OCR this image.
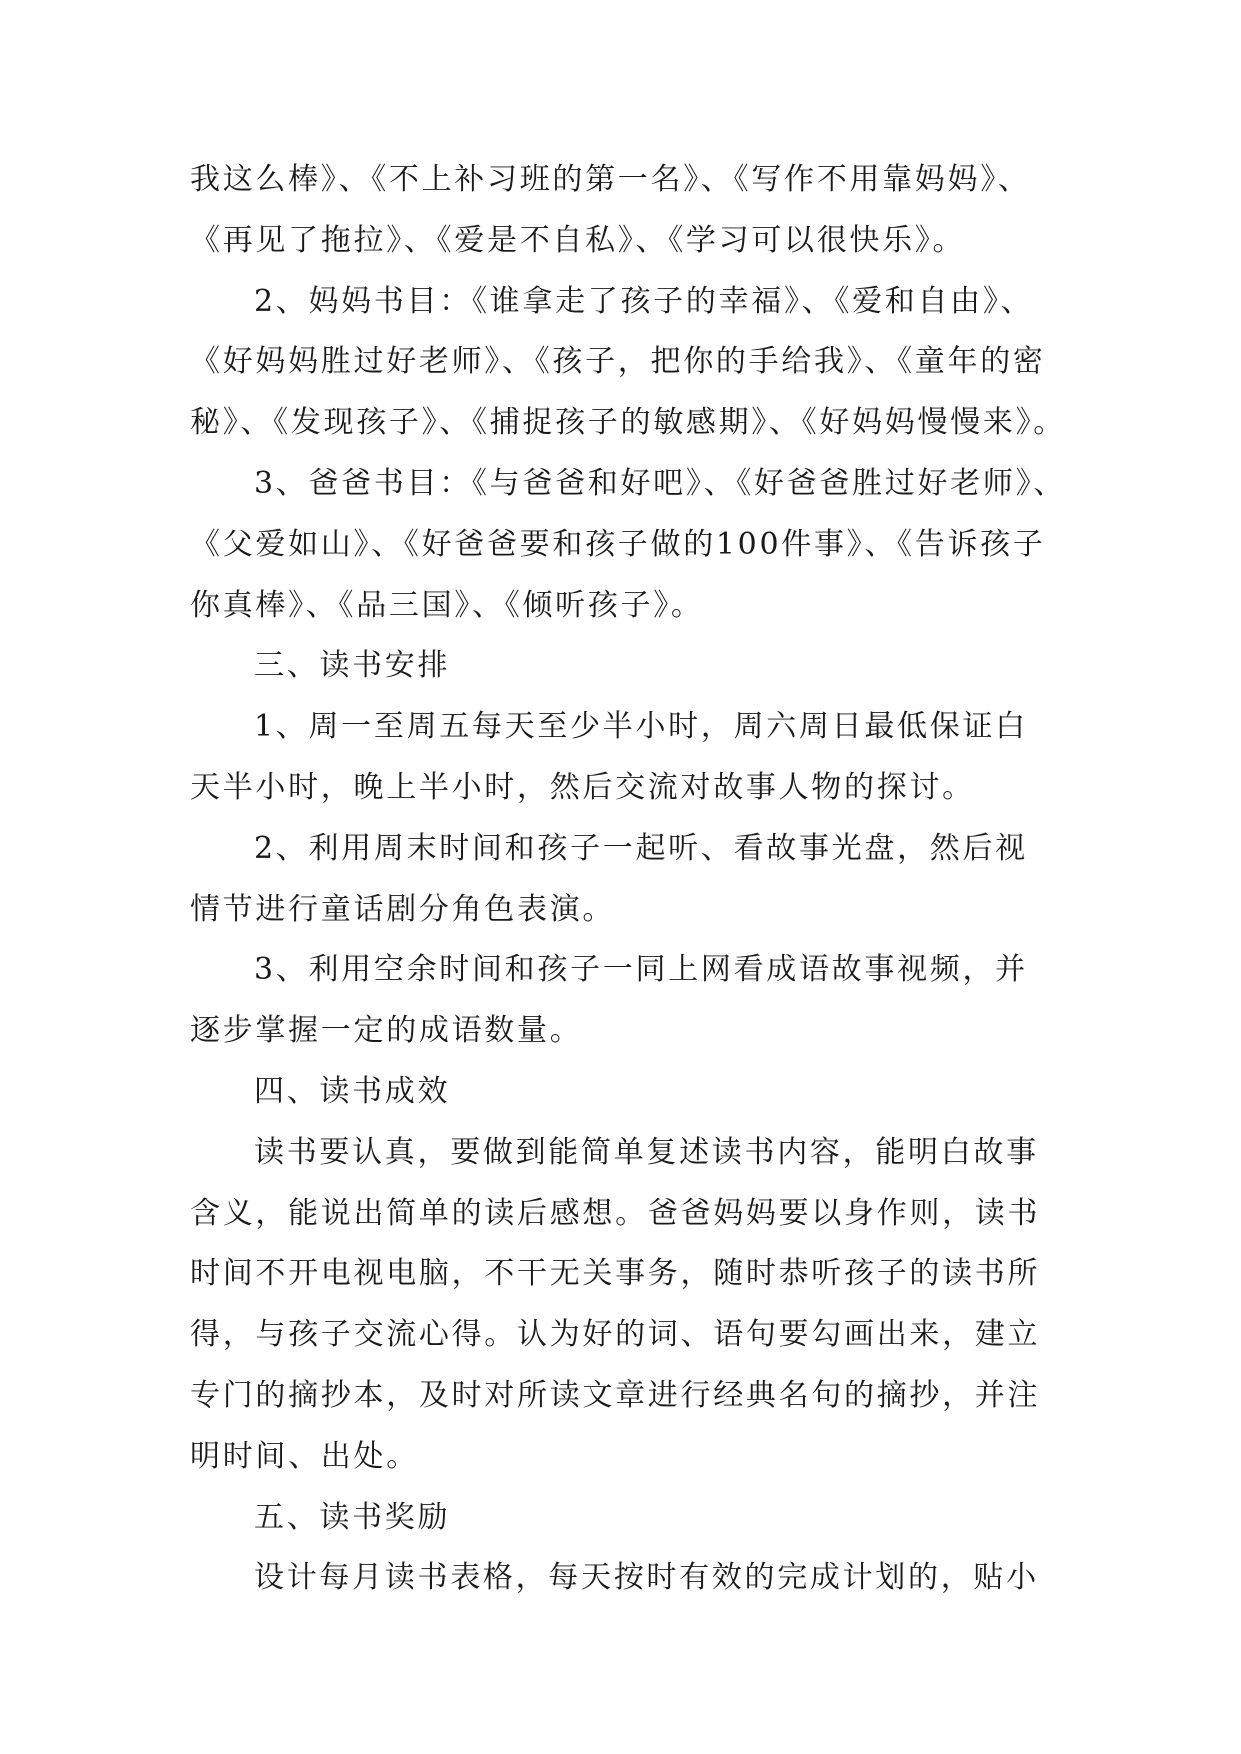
我这么棒》、《不上补习班的第一名》、《写作不用靠妈妈》、
《再见了拖拉》、《爱是不自私》、《学习可以很快乐》。
2、妈妈书目：《谁拿走了孩子的幸福》、《爱和自由》、
《好妈妈胜过好老师》、《孩子，把你的手给我》、《童年的密
秘》、《发现孩子》、《捕捉孩子的敏感期》、《好妈妈慢慢来》。
3、爸爸书目：《与爸爸和好吧》、《好爸爸胜过好老师》、
《父爱如山》、《好爸爸要和孩子做的100件事》、《告诉孩子
你真棒》、《品三国》、《倾听孩子》。
三、读书安排
1、周一至周五每天至少半小时，周六周日最低保证白
天半小时，晚上半小时，然后交流对故事人物的探讨。
2、利用周末时间和孩子一起听、看故事光盘，然后视
情节进行童话剧分角色表演。
3、利用空余时间和孩子一同上网看成语故事视频，并
逐步掌握一定的成语数量。
四、读书成效
读书要认真，要做到能简单复述读书内容，能明白故事
含义，能说出简单的读后感想。爸爸妈妈要以身作则，读书
时间不开电视电脑，不干无关事务，随时恭听孩子的读书所
得，与孩子交流心得。认为好的词、语句要勾画出来，建立
专门的摘抄本，及时对所读文章进行经典名句的摘抄，并注
明时间、出处。
五、读书奖励
设计每月读书表格，每天按时有效的完成计划的，贴小
